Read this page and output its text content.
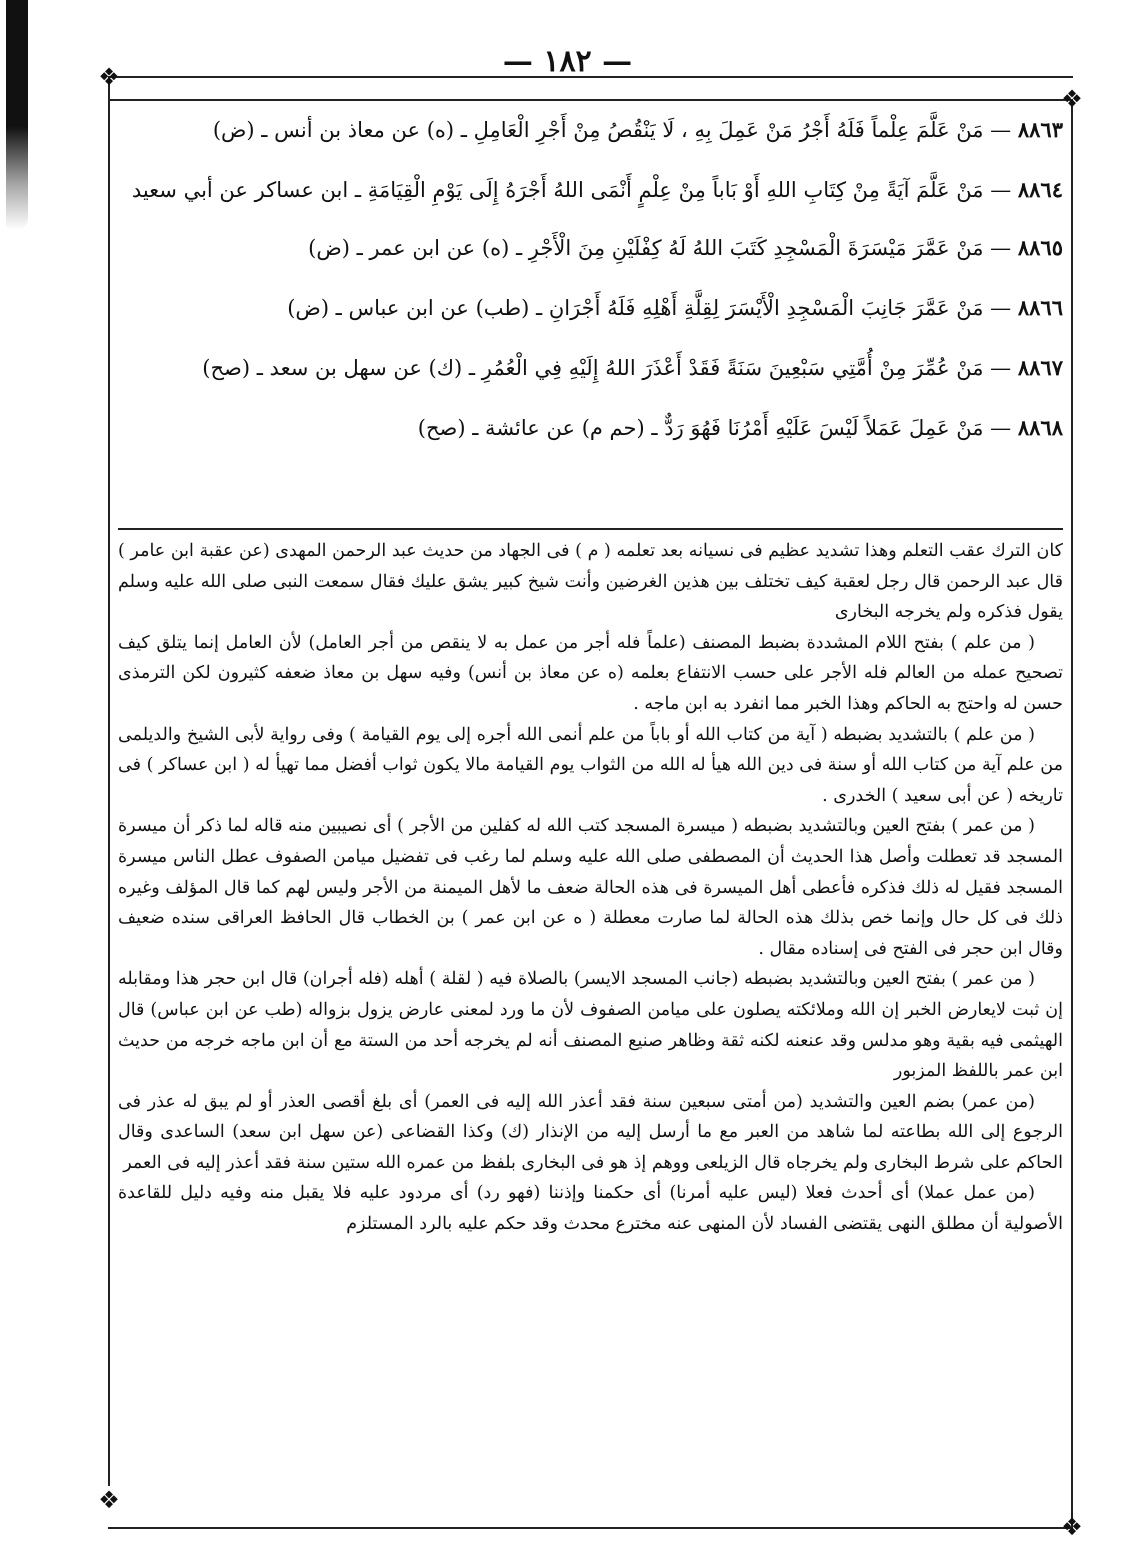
❖
❖
❖
❖
— ١٨٢ —
٨٨٦٣ — مَنْ عَلَّمَ عِلْماً فَلَهُ أَجْرُ مَنْ عَمِلَ بِهِ ، لَا يَنْقُصُ مِنْ أَجْرِ الْعَامِلِ ـ (ه) عن معاذ بن أنس ـ (ض)
٨٨٦٤ — مَنْ عَلَّمَ آيَةً مِنْ كِتَابِ اللهِ أَوْ بَاباً مِنْ عِلْمٍ أَنْمَى اللهُ أَجْرَهُ إِلَى يَوْمِ الْقِيَامَةِ ـ ابن عساكر عن أبي سعيد
٨٨٦٥ — مَنْ عَمَّرَ مَيْسَرَةَ الْمَسْجِدِ كَتَبَ اللهُ لَهُ كِفْلَيْنِ مِنَ الْأَجْرِ ـ (ه) عن ابن عمر ـ (ض)
٨٨٦٦ — مَنْ عَمَّرَ جَانِبَ الْمَسْجِدِ الْأَيْسَرَ لِقِلَّةِ أَهْلِهِ فَلَهُ أَجْرَانِ ـ (طب) عن ابن عباس ـ (ض)
٨٨٦٧ — مَنْ عُمِّرَ مِنْ أُمَّتِي سَبْعِينَ سَنَةً فَقَدْ أَعْذَرَ اللهُ إِلَيْهِ فِي الْعُمُرِ ـ (ك) عن سهل بن سعد ـ (صح)
٨٨٦٨ — مَنْ عَمِلَ عَمَلاً لَيْسَ عَلَيْهِ أَمْرُنَا فَهُوَ رَدٌّ ـ (حم م) عن عائشة ـ (صح)

كان الترك عقب التعلم وهذا تشديد عظيم فى نسيانه بعد تعلمه ( م ) فى الجهاد من حديث عبد الرحمن المهدى (عن عقبة ابن عامر ) قال عبد الرحمن قال رجل لعقبة كيف تختلف بين هذين الغرضين وأنت شيخ كبير يشق عليك فقال سمعت النبى صلى الله عليه وسلم يقول فذكره ولم يخرجه البخارى

( من علم ) بفتح اللام المشددة بضبط المصنف (علماً فله أجر من عمل به لا ينقص من أجر العامل) لأن العامل إنما يتلق كيف تصحيح عمله من العالم فله الأجر على حسب الانتفاع بعلمه (ه عن معاذ بن أنس) وفيه سهل بن معاذ ضعفه كثيرون لكن الترمذى حسن له واحتج به الحاكم وهذا الخبر مما انفرد به ابن ماجه .

( من علم ) بالتشديد بضبطه ( آية من كتاب الله أو باباً من علم أنمى الله أجره إلى يوم القيامة ) وفى رواية لأبى الشيخ والديلمى من علم آية من كتاب الله أو سنة فى دين الله هيأ له الله من الثواب يوم القيامة مالا يكون ثواب أفضل مما تهيأ له ( ابن عساكر ) فى تاريخه ( عن أبى سعيد ) الخدرى .

( من عمر ) بفتح العين وبالتشديد بضبطه ( ميسرة المسجد كتب الله له كفلين من الأجر ) أى نصيبين منه قاله لما ذكر أن ميسرة المسجد قد تعطلت وأصل هذا الحديث أن المصطفى صلى الله عليه وسلم لما رغب فى تفضيل ميامن الصفوف عطل الناس ميسرة المسجد فقيل له ذلك فذكره فأعطى أهل الميسرة فى هذه الحالة ضعف ما لأهل الميمنة من الأجر وليس لهم كما قال المؤلف وغيره ذلك فى كل حال وإنما خص بذلك هذه الحالة لما صارت معطلة ( ه عن ابن عمر ) بن الخطاب قال الحافظ العراقى سنده ضعيف وقال ابن حجر فى الفتح فى إسناده مقال .

( من عمر ) بفتح العين وبالتشديد بضبطه (جانب المسجد الايسر) بالصلاة فيه ( لقلة ) أهله (فله أجران) قال ابن حجر هذا ومقابله إن ثبت لايعارض الخبر إن الله وملائكته يصلون على ميامن الصفوف لأن ما ورد لمعنى عارض يزول بزواله (طب عن ابن عباس) قال الهيثمى فيه بقية وهو مدلس وقد عنعنه لكنه ثقة وظاهر صنيع المصنف أنه لم يخرجه أحد من الستة مع أن ابن ماجه خرجه من حديث ابن عمر باللفظ المزبور

(من عمر) بضم العين والتشديد (من أمتى سبعين سنة فقد أعذر الله إليه فى العمر) أى بلغ أقصى العذر أو لم يبق له عذر فى الرجوع إلى الله بطاعته لما شاهد من العبر مع ما أرسل إليه من الإنذار (ك) وكذا القضاعى (عن سهل ابن سعد) الساعدى وقال الحاكم على شرط البخارى ولم يخرجاه قال الزيلعى ووهم إذ هو فى البخارى بلفظ من عمره الله ستين سنة فقد أعذر إليه فى العمر

(من عمل عملا) أى أحدث فعلا (ليس عليه أمرنا) أى حكمنا وإذننا (فهو رد) أى مردود عليه فلا يقبل منه وفيه دليل للقاعدة الأصولية أن مطلق النهى يقتضى الفساد لأن المنهى عنه مخترع محدث وقد حكم عليه بالرد المستلزم
